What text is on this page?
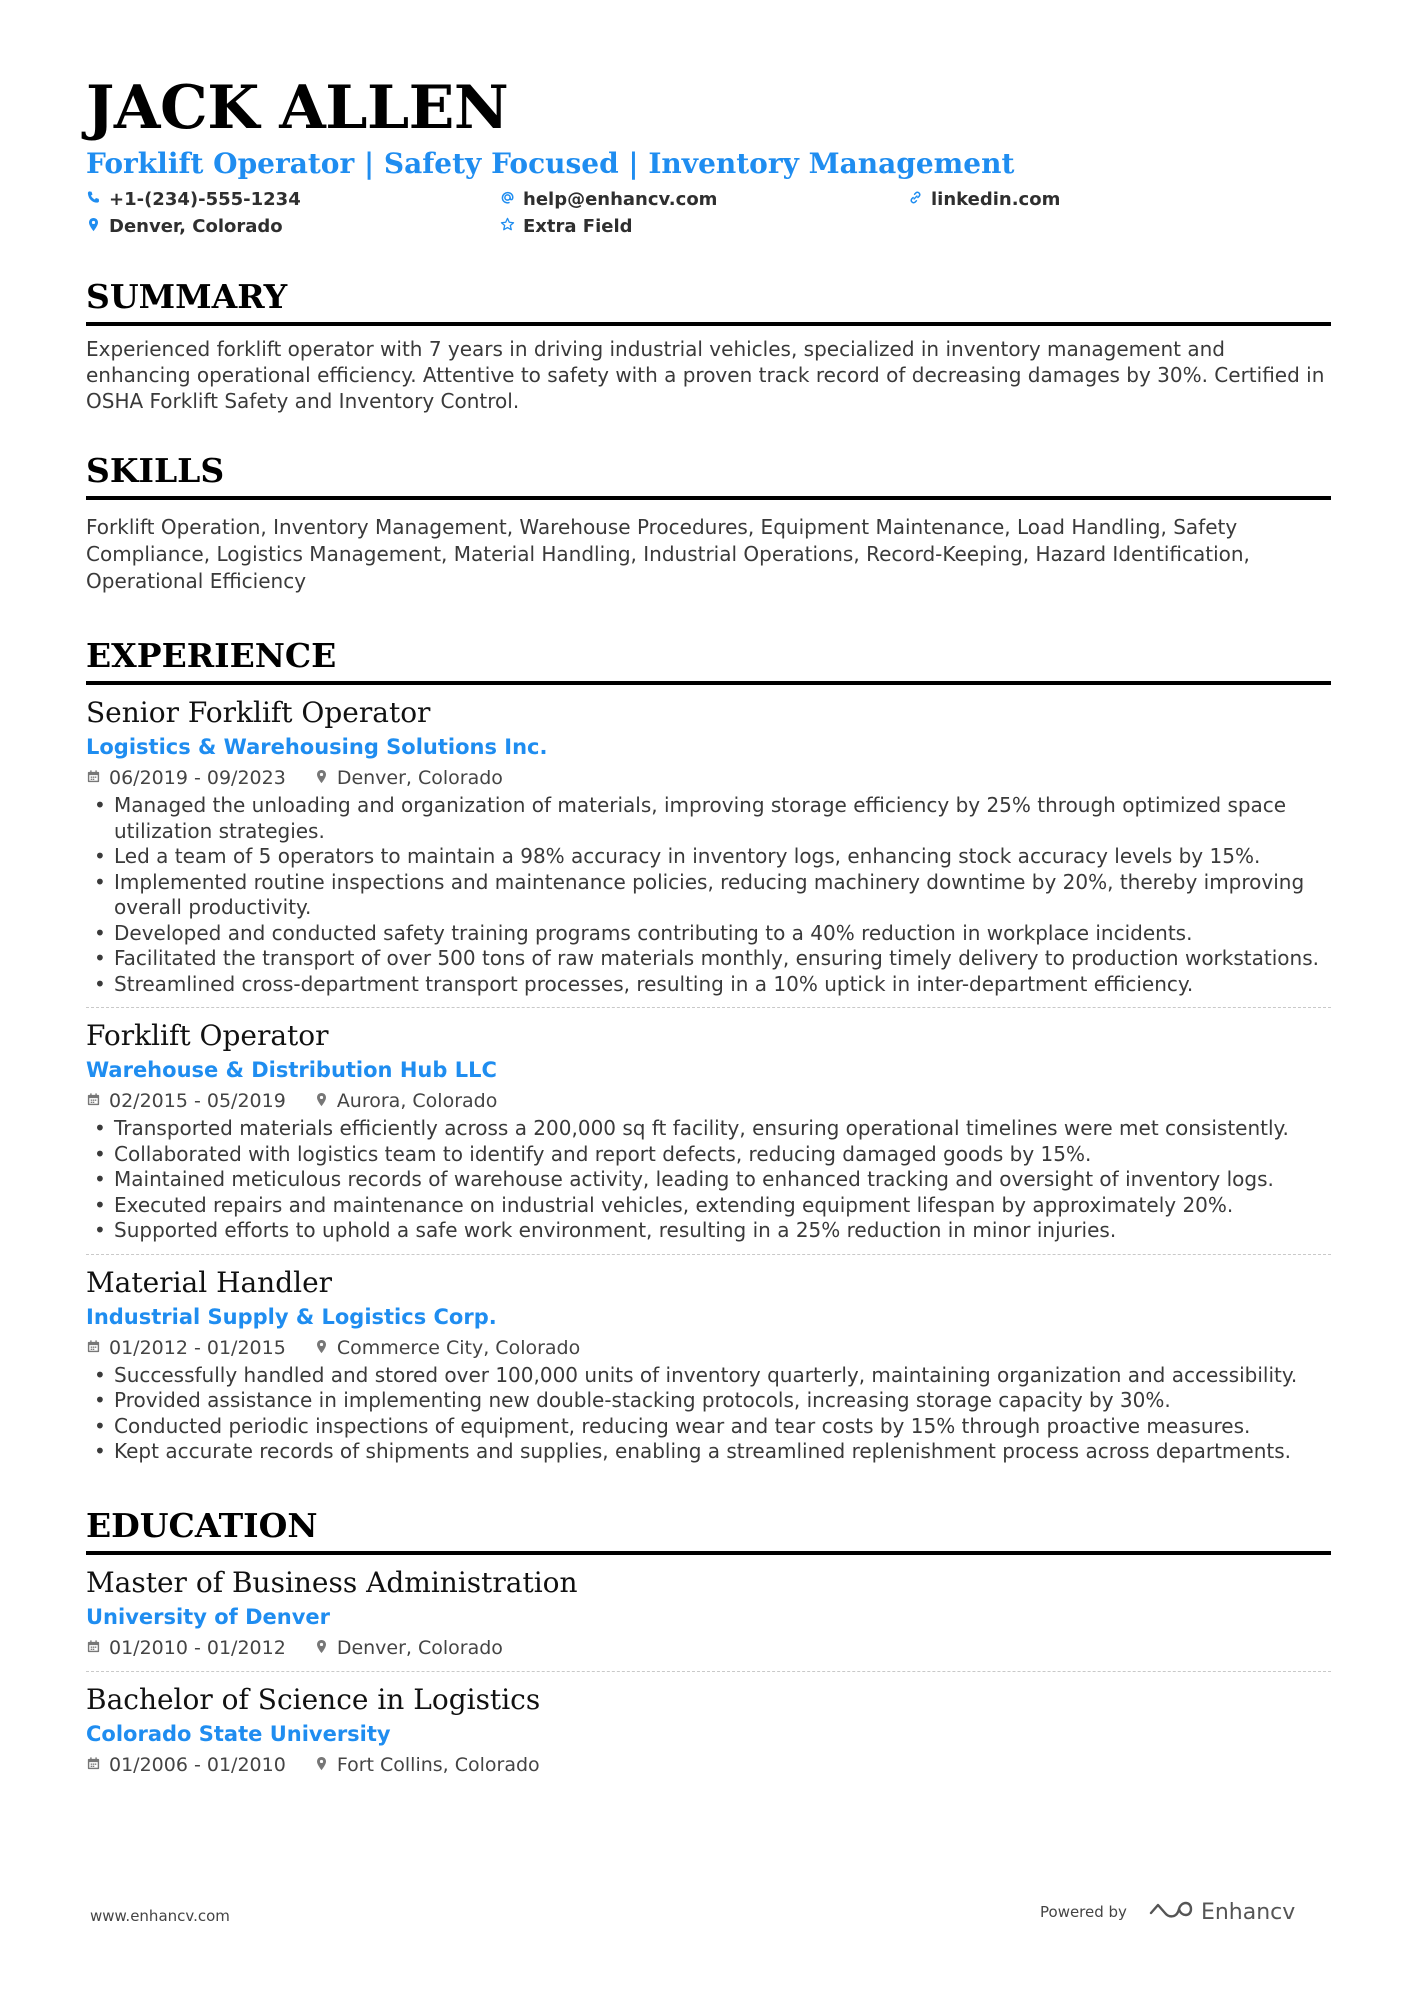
JACK ALLEN
Forklift Operator | Safety Focused | Inventory Management
+1-(234)-555-1234	help@enhancv.com	linkedin.com
Denver, Colorado	Extra Field
SUMMARY
Experienced forklift operator with 7 years in driving industrial vehicles, specialized in inventory management and enhancing operational efficiency. Attentive to safety with a proven track record of decreasing damages by 30%. Certified in OSHA Forklift Safety and Inventory Control.
SKILLS
Forklift Operation, Inventory Management, Warehouse Procedures, Equipment Maintenance, Load Handling, Safety Compliance, Logistics Management, Material Handling, Industrial Operations, Record-Keeping, Hazard Identification, Operational Efficiency
EXPERIENCE
Senior Forklift Operator
Logistics & Warehousing Solutions Inc.
06/2019 - 09/2023	Denver, Colorado
• Managed the unloading and organization of materials, improving storage efficiency by 25% through optimized space utilization strategies.
• Led a team of 5 operators to maintain a 98% accuracy in inventory logs, enhancing stock accuracy levels by 15%.
• Implemented routine inspections and maintenance policies, reducing machinery downtime by 20%, thereby improving overall productivity.
• Developed and conducted safety training programs contributing to a 40% reduction in workplace incidents.
• Facilitated the transport of over 500 tons of raw materials monthly, ensuring timely delivery to production workstations.
• Streamlined cross-department transport processes, resulting in a 10% uptick in inter-department efficiency.
Forklift Operator
Warehouse & Distribution Hub LLC
02/2015 - 05/2019	Aurora, Colorado
• Transported materials efficiently across a 200,000 sq ft facility, ensuring operational timelines were met consistently.
• Collaborated with logistics team to identify and report defects, reducing damaged goods by 15%.
• Maintained meticulous records of warehouse activity, leading to enhanced tracking and oversight of inventory logs.
• Executed repairs and maintenance on industrial vehicles, extending equipment lifespan by approximately 20%.
• Supported efforts to uphold a safe work environment, resulting in a 25% reduction in minor injuries.
Material Handler
Industrial Supply & Logistics Corp.
01/2012 - 01/2015	Commerce City, Colorado
• Successfully handled and stored over 100,000 units of inventory quarterly, maintaining organization and accessibility.
• Provided assistance in implementing new double-stacking protocols, increasing storage capacity by 30%.
• Conducted periodic inspections of equipment, reducing wear and tear costs by 15% through proactive measures.
• Kept accurate records of shipments and supplies, enabling a streamlined replenishment process across departments.
EDUCATION
Master of Business Administration
University of Denver
01/2010 - 01/2012	Denver, Colorado
Bachelor of Science in Logistics
Colorado State University
01/2006 - 01/2010	Fort Collins, Colorado
www.enhancv.com	Powered by	Enhancv
